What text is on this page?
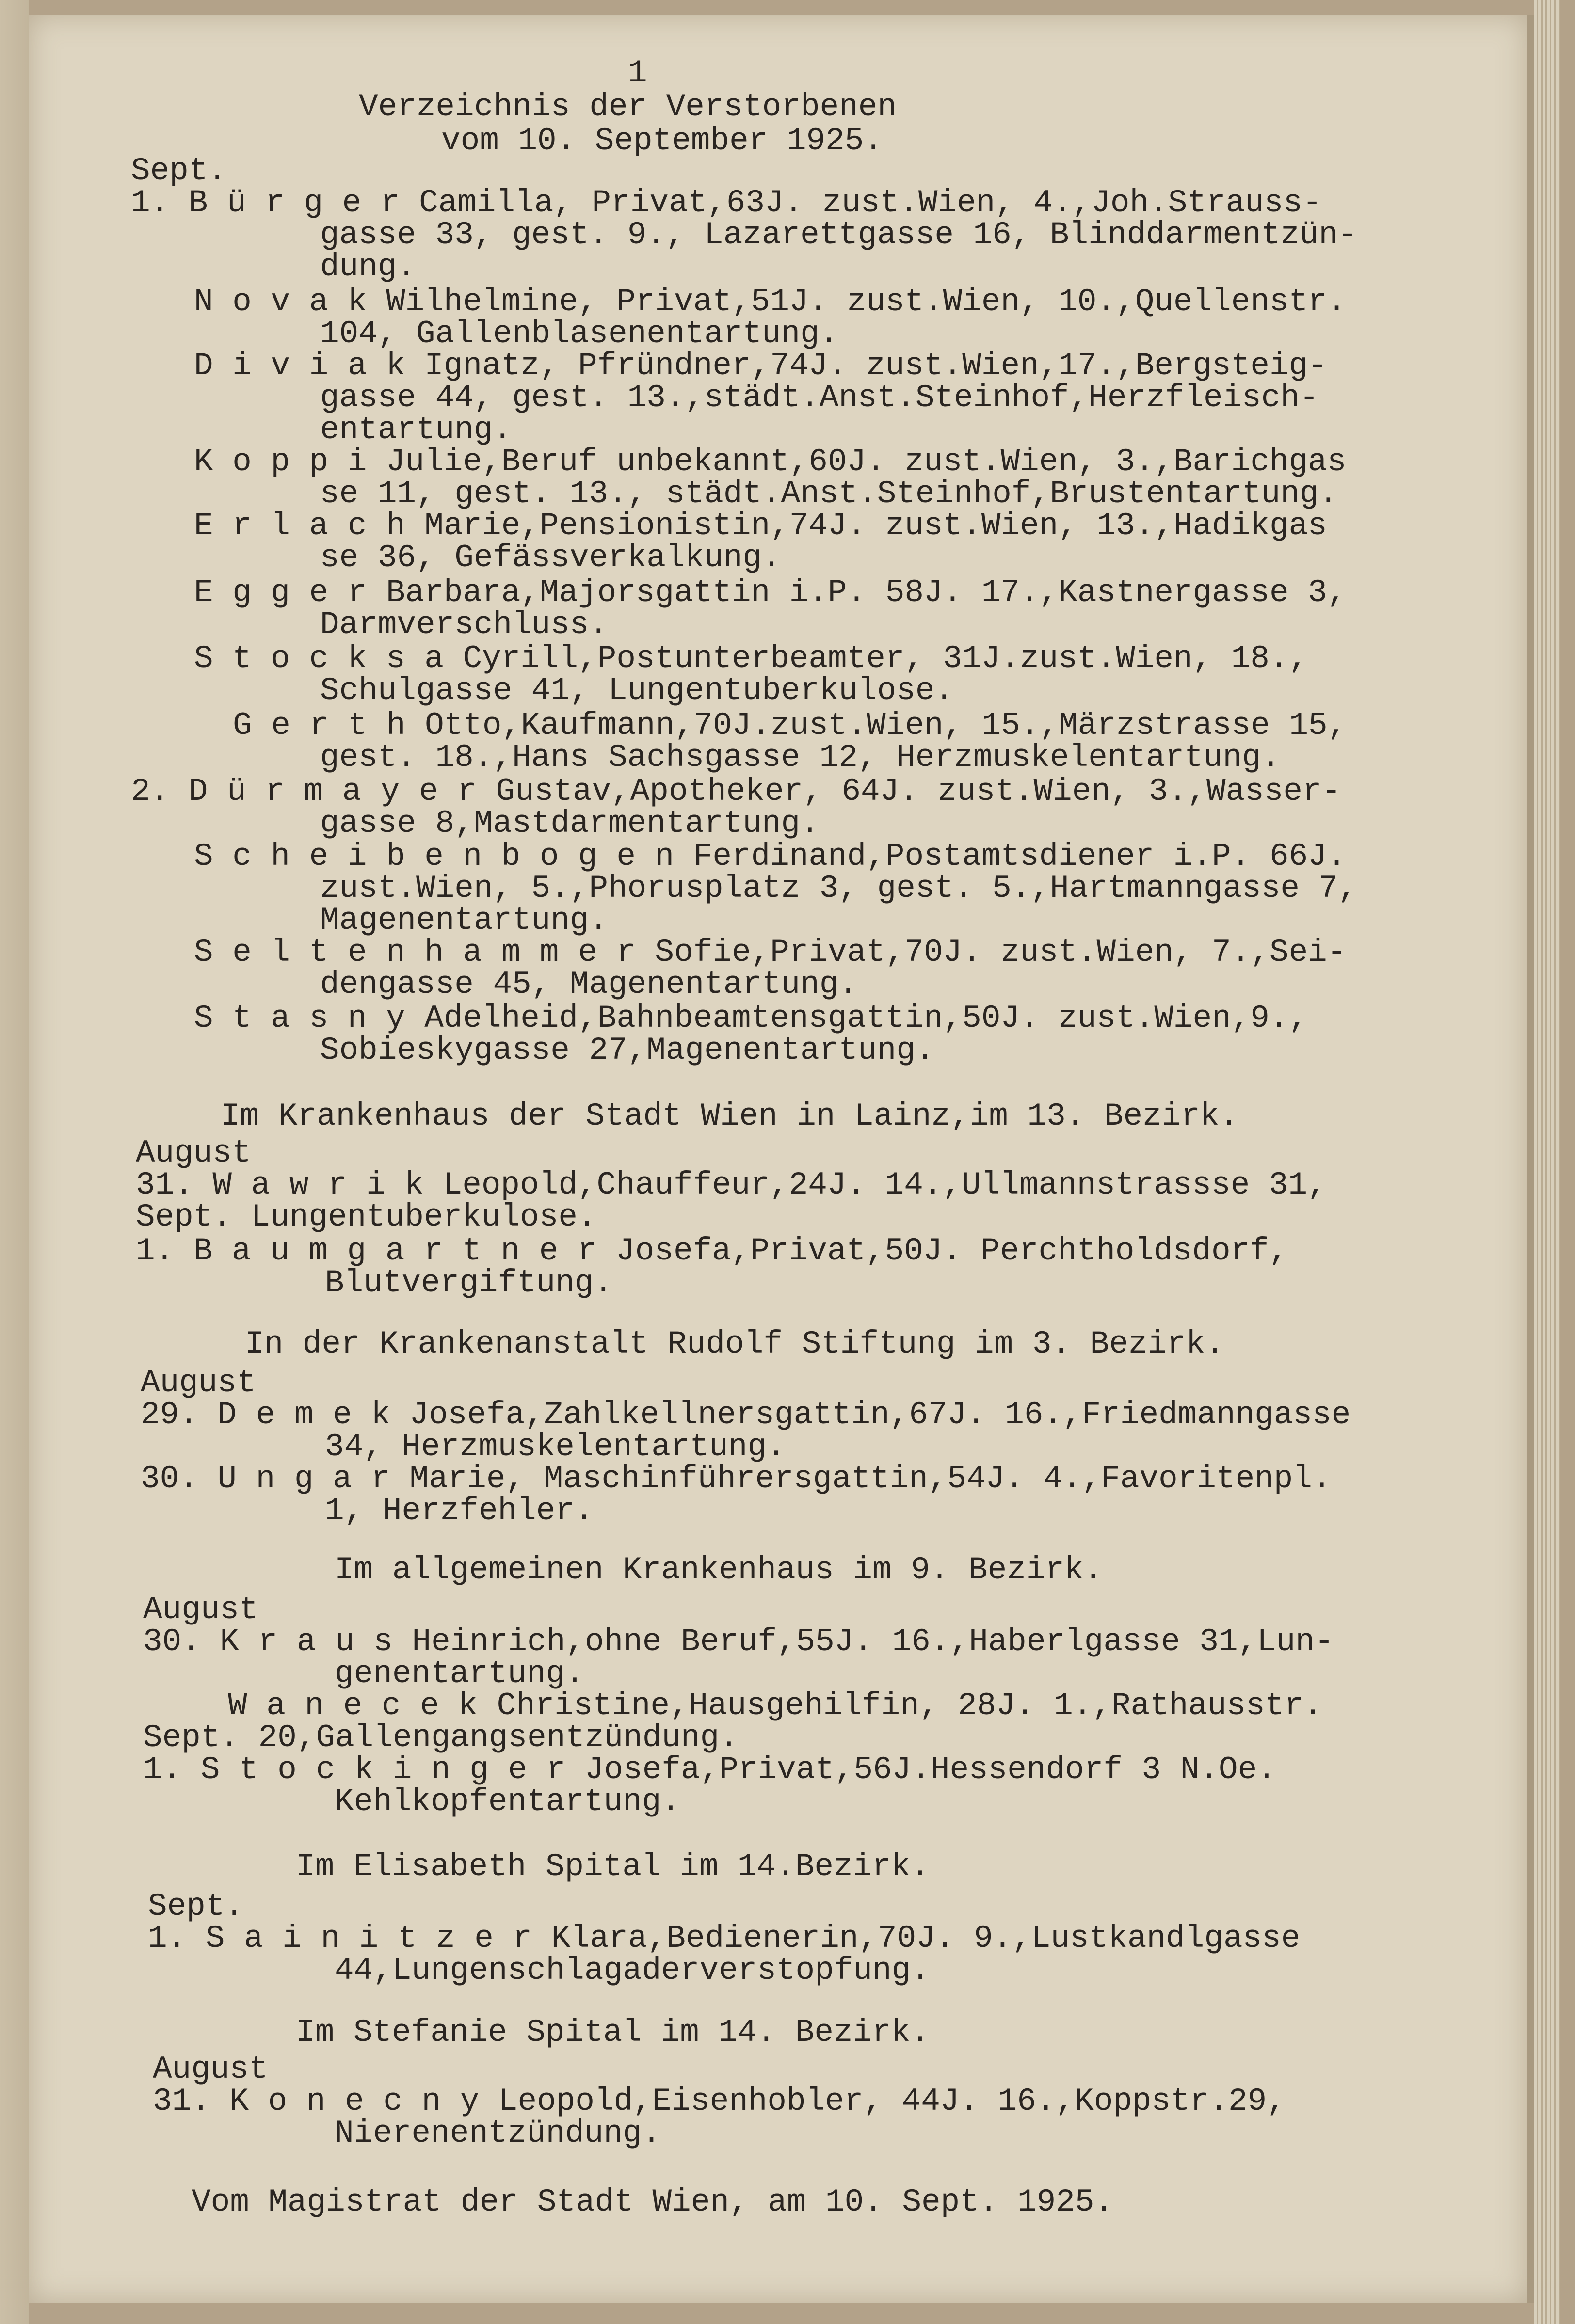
1
Verzeichnis der Verstorbenen
vom 10. September 1925.
Sept.
1. B ü r g e r Camilla, Privat,63J. zust.Wien, 4.,Joh.Strauss-
gasse 33, gest. 9., Lazarettgasse 16, Blinddarmentzün-
dung.
N o v a k Wilhelmine, Privat,51J. zust.Wien, 10.,Quellenstr.
104, Gallenblasenentartung.
D i v i a k Ignatz, Pfründner,74J. zust.Wien,17.,Bergsteig-
gasse 44, gest. 13.,städt.Anst.Steinhof,Herzfleisch-
entartung.
K o p p i Julie,Beruf unbekannt,60J. zust.Wien, 3.,Barichgas
se 11, gest. 13., städt.Anst.Steinhof,Brustentartung.
E r l a c h Marie,Pensionistin,74J. zust.Wien, 13.,Hadikgas
se 36, Gefässverkalkung.
E g g e r Barbara,Majorsgattin i.P. 58J. 17.,Kastnergasse 3,
Darmverschluss.
S t o c k s a Cyrill,Postunterbeamter, 31J.zust.Wien, 18.,
Schulgasse 41, Lungentuberkulose.
G e r t h Otto,Kaufmann,70J.zust.Wien, 15.,Märzstrasse 15,
gest. 18.,Hans Sachsgasse 12, Herzmuskelentartung.
2. D ü r m a y e r Gustav,Apotheker, 64J. zust.Wien, 3.,Wasser-
gasse 8,Mastdarmentartung.
S c h e i b e n b o g e n Ferdinand,Postamtsdiener i.P. 66J.
zust.Wien, 5.,Phorusplatz 3, gest. 5.,Hartmanngasse 7,
Magenentartung.
S e l t e n h a m m e r Sofie,Privat,70J. zust.Wien, 7.,Sei-
dengasse 45, Magenentartung.
S t a s n y Adelheid,Bahnbeamtensgattin,50J. zust.Wien,9.,
Sobieskygasse 27,Magenentartung.
Im Krankenhaus der Stadt Wien in Lainz,im 13. Bezirk.
August
31. W a w r i k Leopold,Chauffeur,24J. 14.,Ullmannstrassse 31,
Sept. Lungentuberkulose.
1. B a u m g a r t n e r Josefa,Privat,50J. Perchtholdsdorf,
Blutvergiftung.
In der Krankenanstalt Rudolf Stiftung im 3. Bezirk.
August
29. D e m e k Josefa,Zahlkellnersgattin,67J. 16.,Friedmanngasse
34, Herzmuskelentartung.
30. U n g a r Marie, Maschinführersgattin,54J. 4.,Favoritenpl.
1, Herzfehler.
Im allgemeinen Krankenhaus im 9. Bezirk.
August
30. K r a u s Heinrich,ohne Beruf,55J. 16.,Haberlgasse 31,Lun-
genentartung.
W a n e c e k Christine,Hausgehilfin, 28J. 1.,Rathausstr.
Sept. 20,Gallengangsentzündung.
1. S t o c k i n g e r Josefa,Privat,56J.Hessendorf 3 N.Oe.
Kehlkopfentartung.
Im Elisabeth Spital im 14.Bezirk.
Sept.
1. S a i n i t z e r Klara,Bedienerin,70J. 9.,Lustkandlgasse
44,Lungenschlagaderverstopfung.
Im Stefanie Spital im 14. Bezirk.
August
31. K o n e c n y Leopold,Eisenhobler, 44J. 16.,Koppstr.29,
Nierenentzündung.
Vom Magistrat der Stadt Wien, am 10. Sept. 1925.
